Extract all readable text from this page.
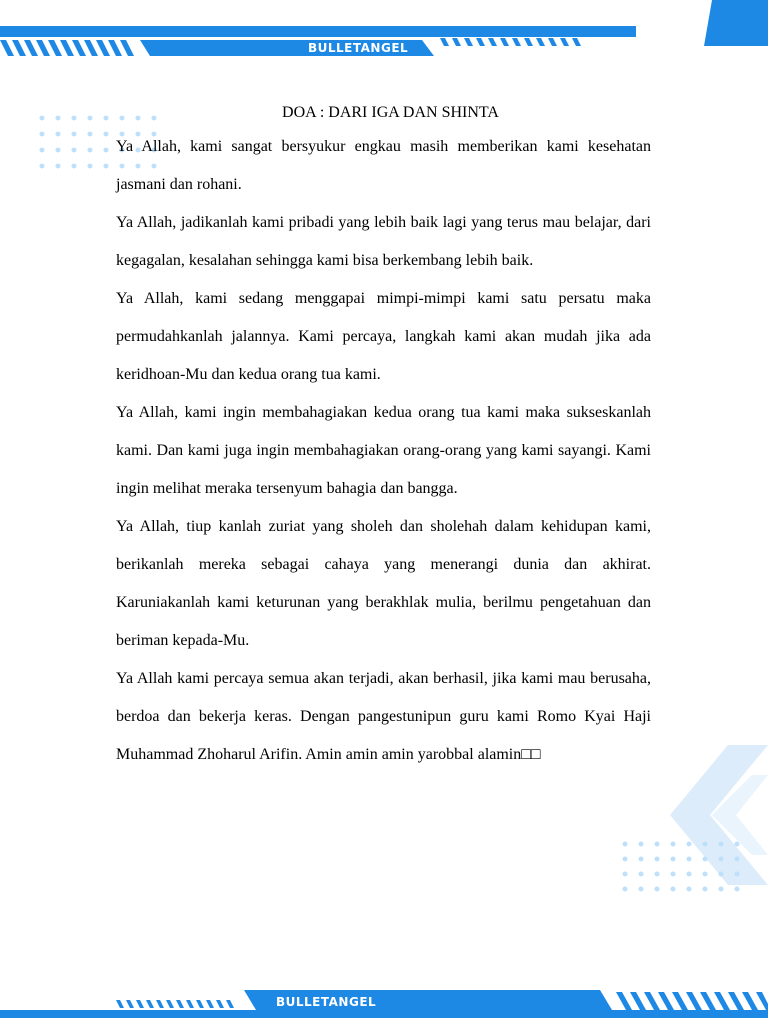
BULLETANGEL
DOA : DARI IGA DAN SHINTA

Ya Allah, kami sangat bersyukur engkau masih memberikan kami kesehatan jasmani dan rohani.

Ya Allah, jadikanlah kami pribadi yang lebih baik lagi yang terus mau belajar, dari kegagalan, kesalahan sehingga kami bisa berkembang lebih baik.

Ya Allah, kami sedang menggapai mimpi-mimpi kami satu persatu maka permudahkanlah jalannya. Kami percaya, langkah kami akan mudah jika ada keridhoan-Mu dan kedua orang tua kami.

Ya Allah, kami ingin membahagiakan kedua orang tua kami maka sukseskanlah kami. Dan kami juga ingin membahagiakan orang-orang yang kami sayangi. Kami ingin melihat meraka tersenyum bahagia dan bangga.

Ya Allah, tiup kanlah zuriat yang sholeh dan sholehah dalam kehidupan kami, berikanlah mereka sebagai cahaya yang menerangi dunia dan akhirat. Karuniakanlah kami keturunan yang berakhlak mulia, berilmu pengetahuan dan beriman kepada-Mu.

Ya Allah kami percaya semua akan terjadi, akan berhasil, jika kami mau berusaha, berdoa dan bekerja keras. Dengan pangestunipun guru kami Romo Kyai Haji Muhammad Zhoharul Arifin. Amin amin amin yarobbal alamin□□

BULLETANGEL
